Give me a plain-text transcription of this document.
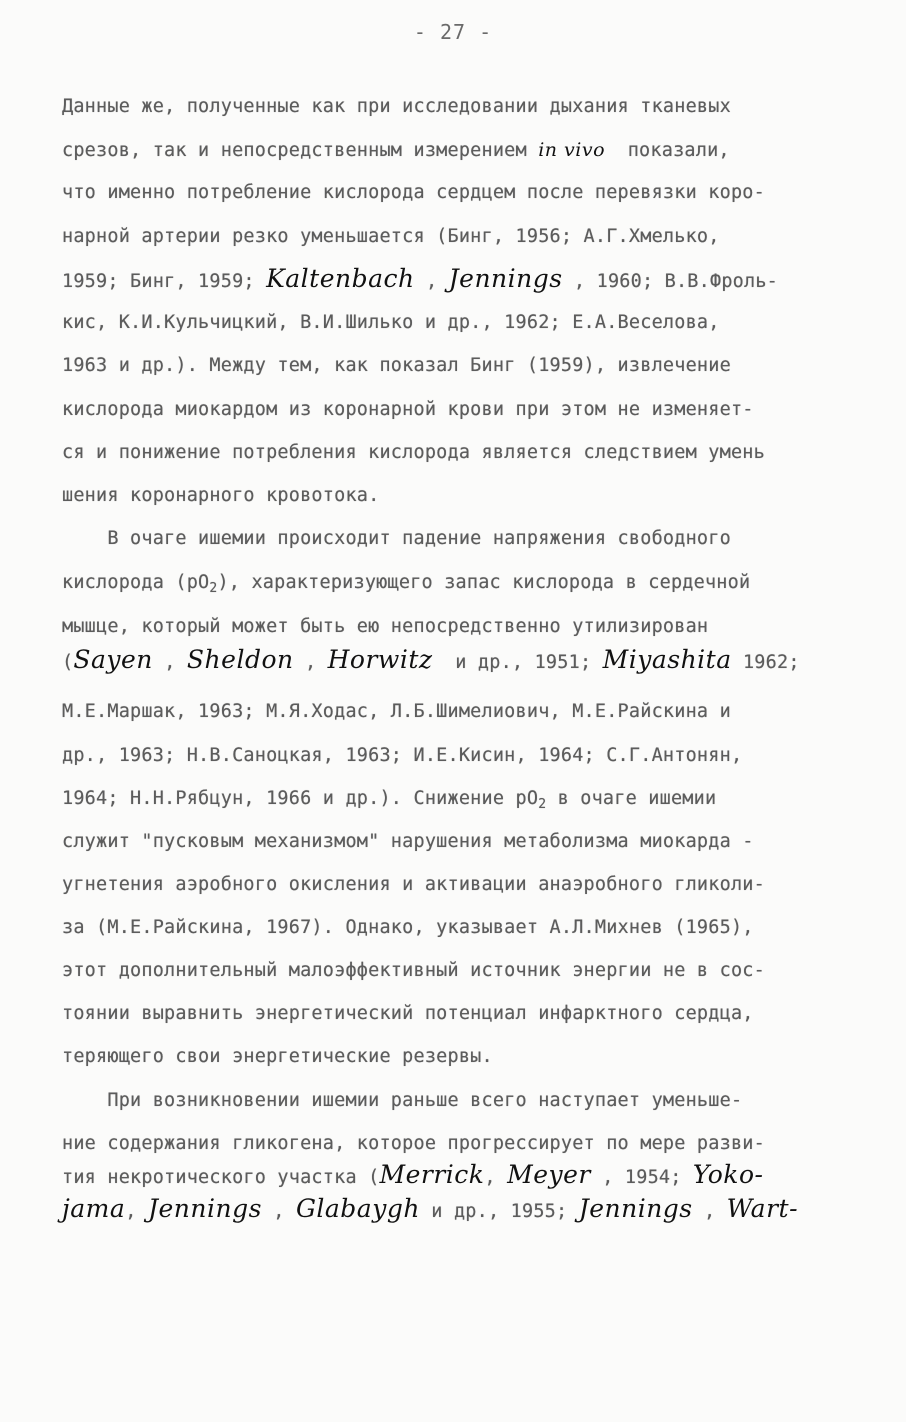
- 27 -
Данные же, полученные как при исследовании дыхания тканевых
срезов, так и непосредственным измерением in vivo  показали,
что именно потребление кислорода сердцем после перевязки коро-
нарной артерии резко уменьшается (Бинг, 1956; А.Г.Хмелько,
1959; Бинг, 1959; Kaltenbach , Jennings , 1960; В.В.Фроль-
кис, К.И.Кульчицкий, В.И.Шилько и др., 1962; Е.А.Веселова,
1963 и др.). Между тем, как показал Бинг (1959), извлечение
кислорода миокардом из коронарной крови при этом не изменяет-
ся и понижение потребления кислорода является следствием умень
шения коронарного кровотока.
В очаге ишемии происходит падение напряжения свободного
кислорода $(рО_2)$, характеризующего запас кислорода в сердечной
мышце, который может быть ею непосредственно утилизирован
(Sayen , Sheldon , Horwitz  и др., 1951; Miyashita 1962;
М.Е.Маршак, 1963; М.Я.Ходас, Л.Б.Шимелиович, М.Е.Райскина и
др., 1963; Н.В.Саноцкая, 1963; И.Е.Кисин, 1964; С.Г.Антонян,
1964; Н.Н.Рябцун, 1966 и др.). Снижение $рО_2$ в очаге ишемии
служит "пусковым механизмом" нарушения метаболизма миокарда -
угнетения аэробного окисления и активации анаэробного гликоли-
за (М.Е.Райскина, 1967). Однако, указывает А.Л.Михнев (1965),
этот дополнительный малоэффективный источник энергии не в сос-
тоянии выравнить энергетический потенциал инфарктного сердца,
теряющего свои энергетические резервы.
При возникновении ишемии раньше всего наступает уменьше-
ние содержания гликогена, которое прогрессирует по мере разви-
тия некротического участка (Merrick, Meyer , 1954; Yoko-
jama, Jennings , Glabaygh и др., 1955; Jennings , Wart-
